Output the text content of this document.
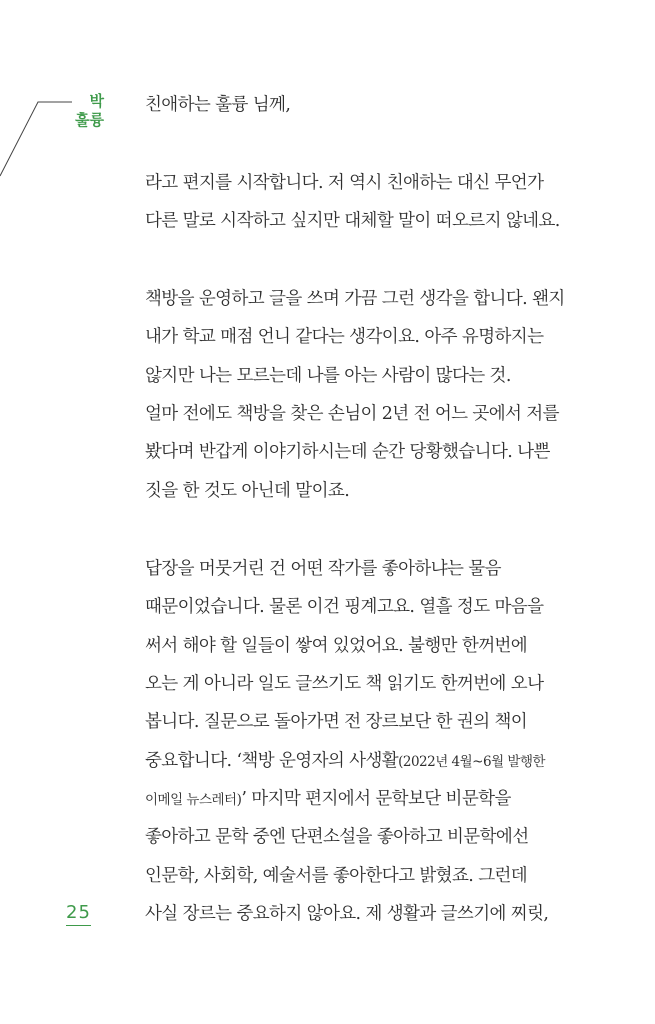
박
훌륭
친애하는 훌륭 님께,
라고 편지를 시작합니다. 저 역시 친애하는 대신 무언가
다른 말로 시작하고 싶지만 대체할 말이 떠오르지 않네요.
책방을 운영하고 글을 쓰며 가끔 그런 생각을 합니다. 왠지
내가 학교 매점 언니 같다는 생각이요. 아주 유명하지는
않지만 나는 모르는데 나를 아는 사람이 많다는 것.
얼마 전에도 책방을 찾은 손님이 2년 전 어느 곳에서 저를
봤다며 반갑게 이야기하시는데 순간 당황했습니다. 나쁜
짓을 한 것도 아닌데 말이죠.
답장을 머뭇거린 건 어떤 작가를 좋아하냐는 물음
때문이었습니다. 물론 이건 핑계고요. 열흘 정도 마음을
써서 해야 할 일들이 쌓여 있었어요. 불행만 한꺼번에
오는 게 아니라 일도 글쓰기도 책 읽기도 한꺼번에 오나
봅니다. 질문으로 돌아가면 전 장르보단 한 권의 책이
중요합니다. ‘책방 운영자의 사생활(2022년 4월~6월 발행한
이메일 뉴스레터)’ 마지막 편지에서 문학보단 비문학을
좋아하고 문학 중엔 단편소설을 좋아하고 비문학에선
인문학, 사회학, 예술서를 좋아한다고 밝혔죠. 그런데
사실 장르는 중요하지 않아요. 제 생활과 글쓰기에 찌릿,
25
